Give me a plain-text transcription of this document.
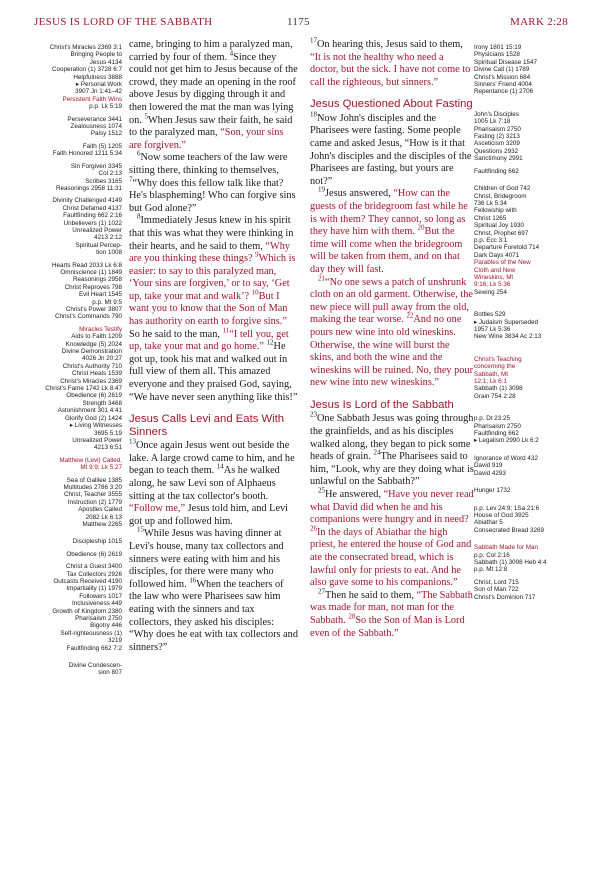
JESUS IS LORD OF THE SABBATH	1175	MARK 2:28
Christ's Miracles 2369 3:1
Bringing People to
Jesus 4134
Cooperation (1) 3728 6:7
Helpfulness 3888
▸ Personal Work
3907 Jn 1:41–42
Persistent Faith Wins
p.p. Lk 5:19
Perseverance 3441
Zealousness 1074
Palsy 1512
Faith (5) 1205
Faith Honored 1211 5:34
Sin Forgiven 3345
Col 2:13
Scribes 3165
Reasonings 2958 11:31
Divinity Challenged 4149
Christ Defamed 4137
Faultfinding 662 2:16
Unbelievers (1) 1022
Unrealized Power
4213 2:12
Spiritual Percep-
tion 1008
Hearts Read 2033 Lk 6:8
Omniscience (1) 1849
Reasonings 2958
Christ Reproves 798
Evil Heart 1545
p.p. Mt 9:5
Christ's Power 3807
Christ's Commands 790
Miracles Testify
Aids to Faith 1209
Knowledge (5) 2024
Divine Demonstration
4026 Jn 20:27
Christ's Authority 710
Christ Heals 1539
Christ's Miracles 2369
Christ's Fame 1742 Lk 8:47
Obedience (6) 2619
Strength 3468
Astonishment 301 4:41
Glorify God (2) 1424
▸ Living Witnesses
3695 5:19
Unrealized Power
4213 6:51
Matthew (Levi) Called,
Mt 9:9; Lk 5:27
Sea of Galilee 1385
Multitudes 2786 3:20
Christ, Teacher 3555
Instruction (2) 1779
Apostles Called
2082 Lk 6:13
Matthew 2265
Discipleship 1015
Obedience (6) 2619
Christ a Guest 3400
Tax Collectors 2926
Outcasts Received 4190
Impartiality (1) 1979
Followers 1017
Inclusiveness 449
Growth of Kingdom 2380
Pharisaism 2750
Bigotry 446
Self-righteousness (1)
3219
Faultfinding 662 7:2
Divine Condescen-
sion 807

came, bringing to him a paralyzed man, carried by four of them. $^4$Since they could not get him to Jesus because of the crowd, they made an opening in the roof above Jesus by digging through it and then lowered the mat the man was lying on. $^5$When Jesus saw their faith, he said to the paralyzed man, “Son, your sins are forgiven.”

$^6$Now some teachers of the law were sitting there, thinking to themselves, $^7$“Why does this fellow talk like that? He's blaspheming! Who can forgive sins but God alone?”

$^8$Immediately Jesus knew in his spirit that this was what they were thinking in their hearts, and he said to them, “Why are you thinking these things? $^9$Which is easier: to say to this paralyzed man, ‘Your sins are forgiven,’ or to say, ‘Get up, take your mat and walk’? $^{10}$But I want you to know that the Son of Man has authority on earth to forgive sins.” So he said to the man, $^{11}$“I tell you, get up, take your mat and go home.” $^{12}$He got up, took his mat and walked out in full view of them all. This amazed everyone and they praised God, saying, “We have never seen anything like this!”

Jesus Calls Levi and Eats With Sinners

$^{13}$Once again Jesus went out beside the lake. A large crowd came to him, and he began to teach them. $^{14}$As he walked along, he saw Levi son of Alphaeus sitting at the tax collector's booth. “Follow me,” Jesus told him, and Levi got up and followed him.

$^{15}$While Jesus was having dinner at Levi's house, many tax collectors and sinners were eating with him and his disciples, for there were many who followed him. $^{16}$When the teachers of the law who were Pharisees saw him eating with the sinners and tax collectors, they asked his disciples: “Why does he eat with tax collectors and sinners?”

$^{17}$On hearing this, Jesus said to them, “It is not the healthy who need a doctor, but the sick. I have not come to call the righteous, but sinners.”

Jesus Questioned About Fasting

$^{18}$Now John's disciples and the Pharisees were fasting. Some people came and asked Jesus, “How is it that John's disciples and the disciples of the Pharisees are fasting, but yours are not?”

$^{19}$Jesus answered, “How can the guests of the bridegroom fast while he is with them? They cannot, so long as they have him with them. $^{20}$But the time will come when the bridegroom will be taken from them, and on that day they will fast.

$^{21}$“No one sews a patch of unshrunk cloth on an old garment. Otherwise, the new piece will pull away from the old, making the tear worse. $^{22}$And no one pours new wine into old wineskins. Otherwise, the wine will burst the skins, and both the wine and the wineskins will be ruined. No, they pour new wine into new wineskins.”

Jesus Is Lord of the Sabbath

$^{23}$One Sabbath Jesus was going through the grainfields, and as his disciples walked along, they began to pick some heads of grain. $^{24}$The Pharisees said to him, “Look, why are they doing what is unlawful on the Sabbath?”

$^{25}$He answered, “Have you never read what David did when he and his companions were hungry and in need? $^{26}$In the days of Abiathar the high priest, he entered the house of God and ate the consecrated bread, which is lawful only for priests to eat. And he also gave some to his companions.”

$^{27}$Then he said to them, “The Sabbath was made for man, not man for the Sabbath. $^{28}$So the Son of Man is Lord even of the Sabbath.”

Irony 1801 15:19
Physicians 1528
Spiritual Disease 1547
Divine Call (1) 1789
Christ's Mission 684
Sinners' Friend 4004
Repentance (1) 2706
John's Disciples
1005 Lk 7:18
Pharisaism 2750
Fasting (2) 3213
Asceticism 3209
Questions 2932
Sanctimony 2991
Faultfinding 662
Children of God 742
Christ, Bridegroom
736 Lk 5:34
Fellowship with
Christ 1265
Spiritual Joy 1930
Christ, Prophet 697
p.p. Ecc 3:1
Departure Foretold 714
Dark Days 4071
Parables of the New
Cloth and New
Wineskins, Mt
9:16; Lk 5:36
Sewing 254
Bottles 529
▸ Judaism Superseded
1957 Lk 5:36
New Wine 3834 Ac 2:13
Christ's Teaching
concerning the
Sabbath, Mt
12:1; Lk 6:1
Sabbath (1) 3098
Grain 754 2:28
p.p. Dt 23:25
Pharisaism 2750
Faultfinding 662
▸ Legalism 2990 Lk 6:2
Ignorance of Word 432
David 919
David 4293
Hunger 1732
p.p. Lev 24:9; 1Sa 21:6
House of God 3925
Abiathar 5
Consecrated Bread 3269
Sabbath Made for Man
p.p. Col 2:16
Sabbath (1) 3098 Heb 4:4
p.p. Mt 12:8
Christ, Lord 715
Son of Man 722
Christ's Dominion 717
